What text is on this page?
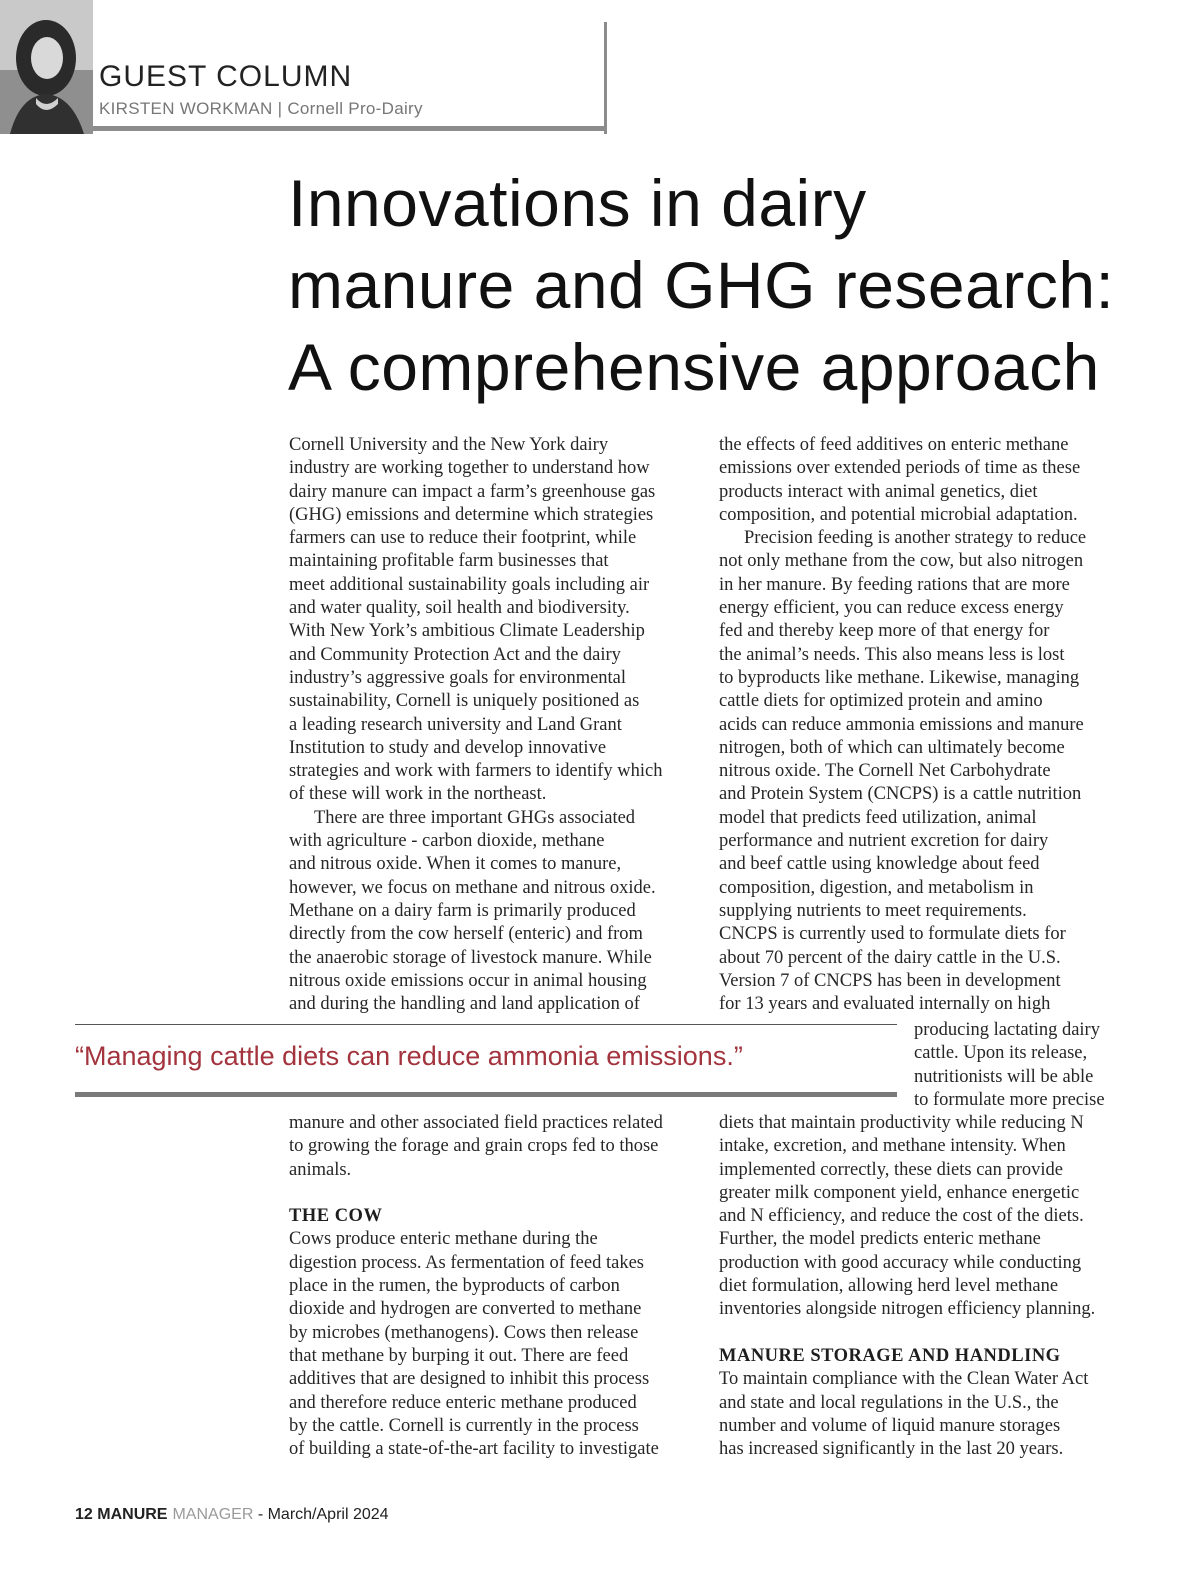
GUEST COLUMN
KIRSTEN WORKMAN | Cornell Pro-Dairy
Innovations in dairy
manure and GHG research:
A comprehensive approach

Cornell University and the New York dairy
industry are working together to understand how
dairy manure can impact a farm’s greenhouse gas
(GHG) emissions and determine which strategies
farmers can use to reduce their footprint, while
maintaining profitable farm businesses that
meet additional sustainability goals including air
and water quality, soil health and biodiversity.
With New York’s ambitious Climate Leadership
and Community Protection Act and the dairy
industry’s aggressive goals for environmental
sustainability, Cornell is uniquely positioned as
a leading research university and Land Grant
Institution to study and develop innovative
strategies and work with farmers to identify which
of these will work in the northeast.

There are three important GHGs associated
with agriculture - carbon dioxide, methane
and nitrous oxide. When it comes to manure,
however, we focus on methane and nitrous oxide.
Methane on a dairy farm is primarily produced
directly from the cow herself (enteric) and from
the anaerobic storage of livestock manure. While
nitrous oxide emissions occur in animal housing
and during the handling and land application of

the effects of feed additives on enteric methane
emissions over extended periods of time as these
products interact with animal genetics, diet
composition, and potential microbial adaptation.

Precision feeding is another strategy to reduce
not only methane from the cow, but also nitrogen
in her manure. By feeding rations that are more
energy efficient, you can reduce excess energy
fed and thereby keep more of that energy for
the animal’s needs. This also means less is lost
to byproducts like methane. Likewise, managing
cattle diets for optimized protein and amino
acids can reduce ammonia emissions and manure
nitrogen, both of which can ultimately become
nitrous oxide. The Cornell Net Carbohydrate
and Protein System (CNCPS) is a cattle nutrition
model that predicts feed utilization, animal
performance and nutrient excretion for dairy
and beef cattle using knowledge about feed
composition, digestion, and metabolism in
supplying nutrients to meet requirements.
CNCPS is currently used to formulate diets for
about 70 percent of the dairy cattle in the U.S.
Version 7 of CNCPS has been in development
for 13 years and evaluated internally on high

producing lactating dairy
cattle. Upon its release,
nutritionists will be able
to formulate more precise
“Managing cattle diets can reduce ammonia emissions.”

manure and other associated field practices related
to growing the forage and grain crops fed to those
animals.

THE COW

Cows produce enteric methane during the
digestion process. As fermentation of feed takes
place in the rumen, the byproducts of carbon
dioxide and hydrogen are converted to methane
by microbes (methanogens). Cows then release
that methane by burping it out. There are feed
additives that are designed to inhibit this process
and therefore reduce enteric methane produced
by the cattle. Cornell is currently in the process
of building a state-of-the-art facility to investigate

diets that maintain productivity while reducing N
intake, excretion, and methane intensity. When
implemented correctly, these diets can provide
greater milk component yield, enhance energetic
and N efficiency, and reduce the cost of the diets.
Further, the model predicts enteric methane
production with good accuracy while conducting
diet formulation, allowing herd level methane
inventories alongside nitrogen efficiency planning.

MANURE STORAGE AND HANDLING

To maintain compliance with the Clean Water Act
and state and local regulations in the U.S., the
number and volume of liquid manure storages
has increased significantly in the last 20 years.

12 MANURE MANAGER - March/April 2024
